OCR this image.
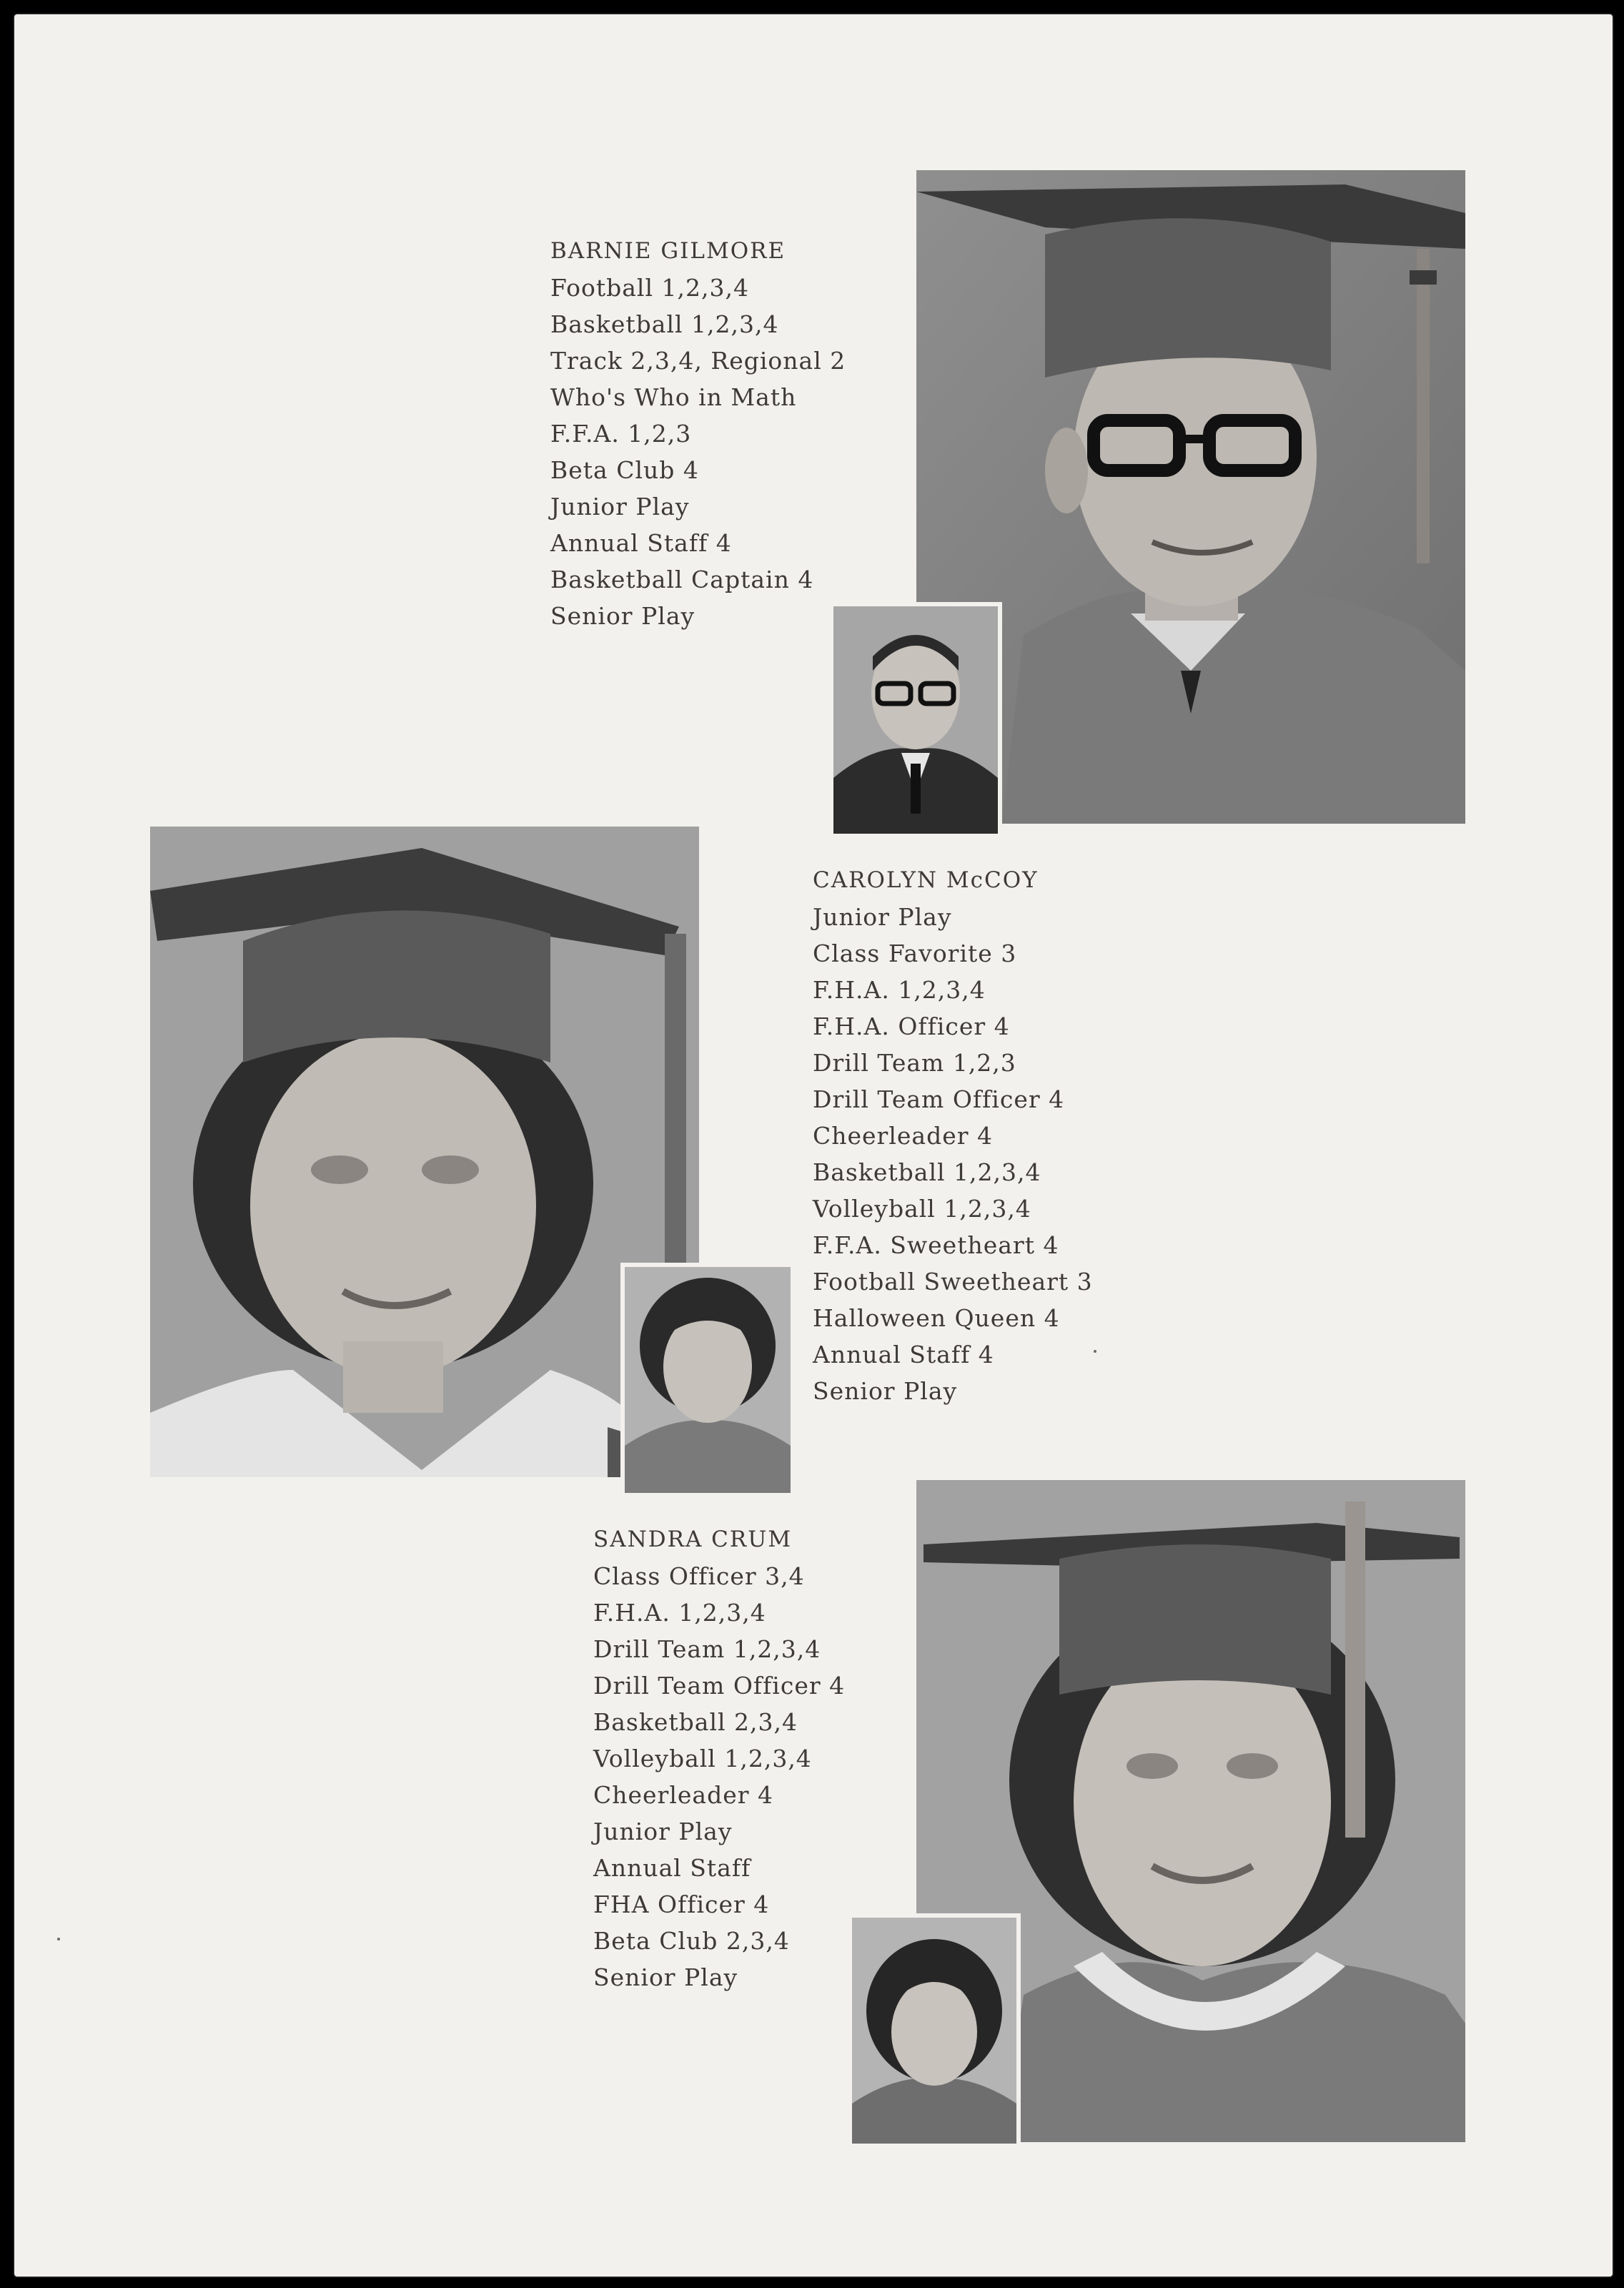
BARNIE GILMORE
Football 1,2,3,4
Basketball 1,2,3,4
Track 2,3,4, Regional 2
Who's Who in Math
F.F.A. 1,2,3
Beta Club 4
Junior Play
Annual Staff 4
Basketball Captain 4
Senior Play
CAROLYN McCOY
Junior Play
Class Favorite 3
F.H.A. 1,2,3,4
F.H.A. Officer 4
Drill Team 1,2,3
Drill Team Officer 4
Cheerleader 4
Basketball 1,2,3,4
Volleyball 1,2,3,4
F.F.A. Sweetheart 4
Football Sweetheart 3
Halloween Queen 4
Annual Staff 4
Senior Play
SANDRA CRUM
Class Officer 3,4
F.H.A. 1,2,3,4
Drill Team 1,2,3,4
Drill Team Officer 4
Basketball 2,3,4
Volleyball 1,2,3,4
Cheerleader 4
Junior Play
Annual Staff
FHA Officer 4
Beta Club 2,3,4
Senior Play
